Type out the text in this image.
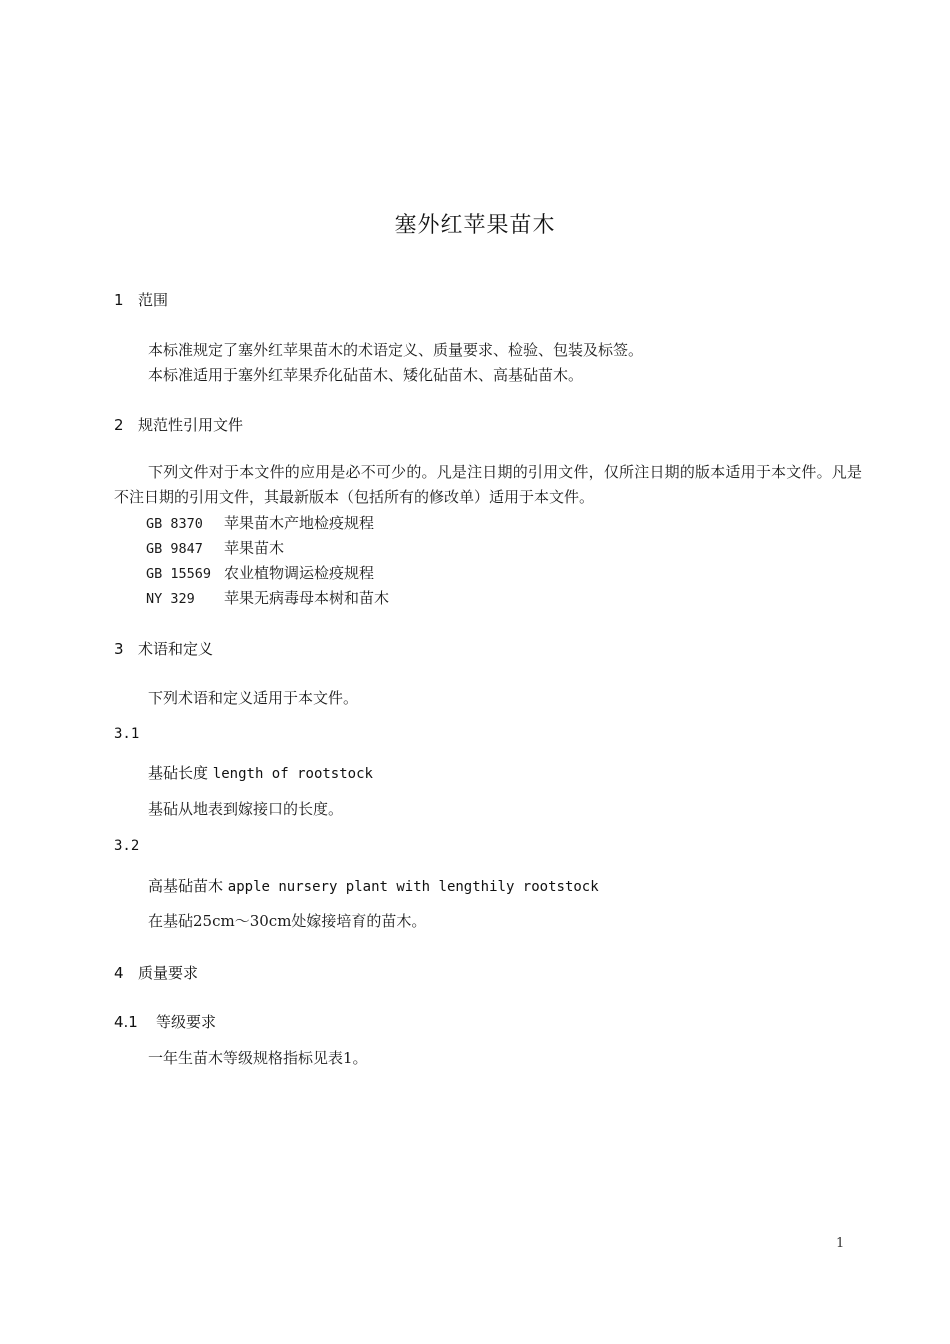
塞外红苹果苗木
1 范围
本标准规定了塞外红苹果苗木的术语定义、质量要求、检验、包装及标签。
本标准适用于塞外红苹果乔化砧苗木、矮化砧苗木、高基砧苗木。
2 规范性引用文件
下列文件对于本文件的应用是必不可少的。凡是注日期的引用文件，仅所注日期的版本适用于本文件。凡是不注日期的引用文件，其最新版本（包括所有的修改单）适用于本文件。
GB 8370 苹果苗木产地检疫规程
GB 9847 苹果苗木
GB 15569 农业植物调运检疫规程
NY 329 苹果无病毒母本树和苗木
3 术语和定义
下列术语和定义适用于本文件。
3.1
基砧长度 length of rootstock
基砧从地表到嫁接口的长度。
3.2
高基砧苗木 apple nursery plant with lengthily rootstock
在基砧25cm～30cm处嫁接培育的苗木。
4 质量要求
4.1 等级要求
一年生苗木等级规格指标见表1。
1
